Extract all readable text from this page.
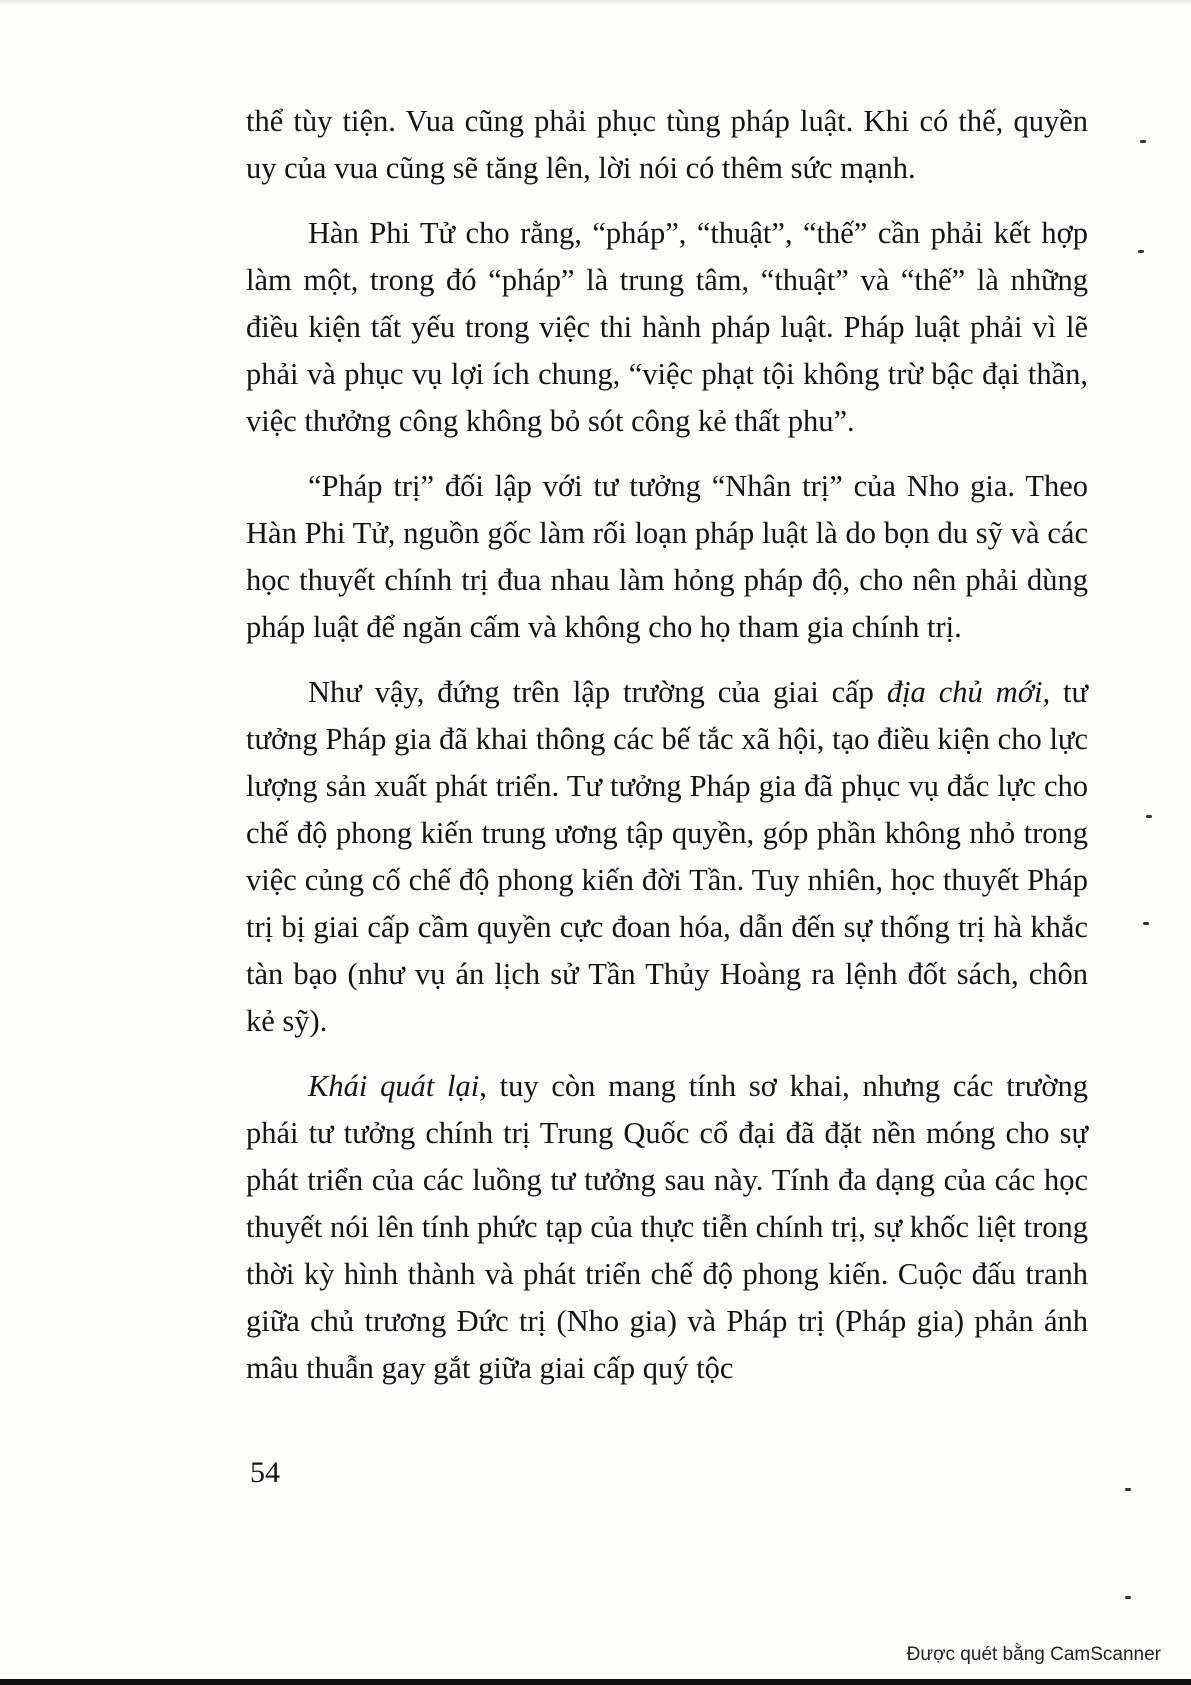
thể tùy tiện. Vua cũng phải phục tùng pháp luật. Khi có thế, quyền uy của vua cũng sẽ tăng lên, lời nói có thêm sức mạnh.

Hàn Phi Tử cho rằng, “pháp”, “thuật”, “thế” cần phải kết hợp làm một, trong đó “pháp” là trung tâm, “thuật” và “thế” là những điều kiện tất yếu trong việc thi hành pháp luật. Pháp luật phải vì lẽ phải và phục vụ lợi ích chung, “việc phạt tội không trừ bậc đại thần, việc thưởng công không bỏ sót công kẻ thất phu”.

“Pháp trị” đối lập với tư tưởng “Nhân trị” của Nho gia. Theo Hàn Phi Tử, nguồn gốc làm rối loạn pháp luật là do bọn du sỹ và các học thuyết chính trị đua nhau làm hỏng pháp độ, cho nên phải dùng pháp luật để ngăn cấm và không cho họ tham gia chính trị.

Như vậy, đứng trên lập trường của giai cấp địa chủ mới, tư tưởng Pháp gia đã khai thông các bế tắc xã hội, tạo điều kiện cho lực lượng sản xuất phát triển. Tư tưởng Pháp gia đã phục vụ đắc lực cho chế độ phong kiến trung ương tập quyền, góp phần không nhỏ trong việc củng cố chế độ phong kiến đời Tần. Tuy nhiên, học thuyết Pháp trị bị giai cấp cầm quyền cực đoan hóa, dẫn đến sự thống trị hà khắc tàn bạo (như vụ án lịch sử Tần Thủy Hoàng ra lệnh đốt sách, chôn kẻ sỹ).

Khái quát lại, tuy còn mang tính sơ khai, nhưng các trường phái tư tưởng chính trị Trung Quốc cổ đại đã đặt nền móng cho sự phát triển của các luồng tư tưởng sau này. Tính đa dạng của các học thuyết nói lên tính phức tạp của thực tiễn chính trị, sự khốc liệt trong thời kỳ hình thành và phát triển chế độ phong kiến. Cuộc đấu tranh giữa chủ trương Đức trị (Nho gia) và Pháp trị (Pháp gia) phản ánh mâu thuẫn gay gắt giữa giai cấp quý tộc

54
Được quét bằng CamScanner
